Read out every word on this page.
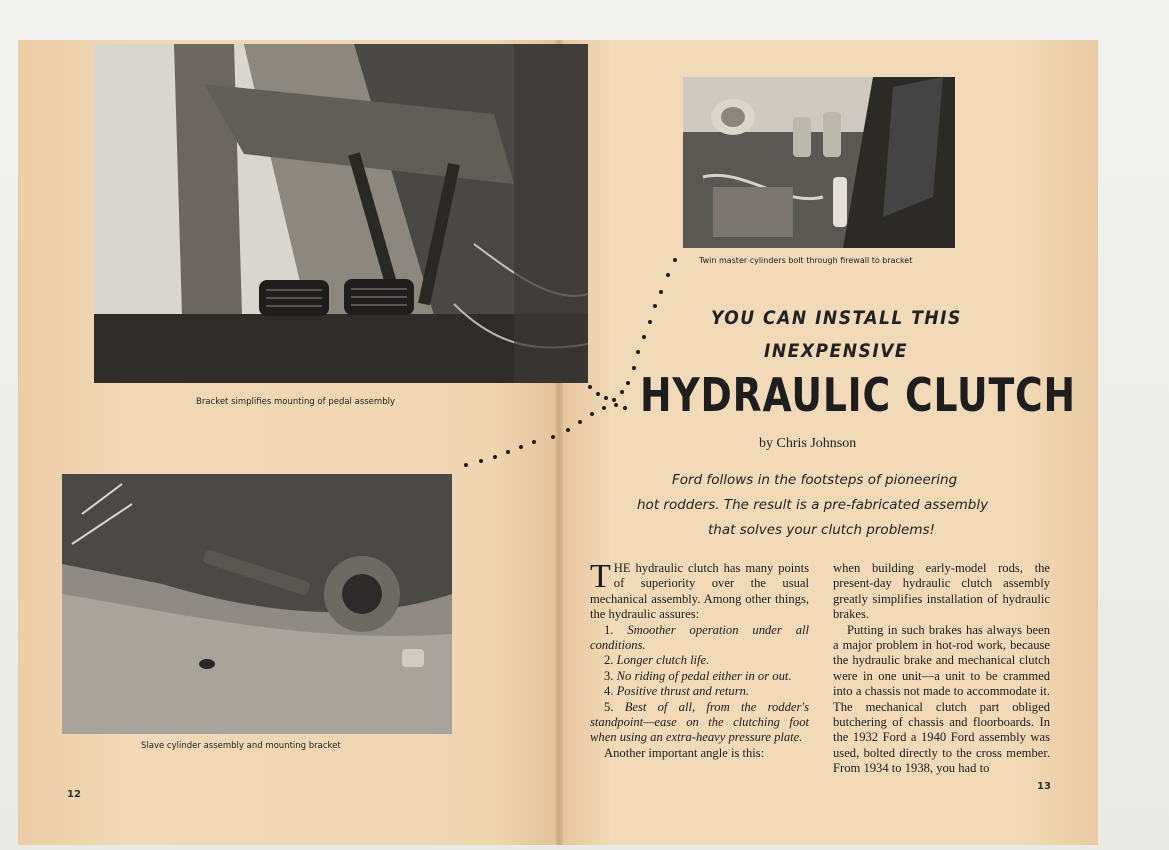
Bracket simplifies mounting of pedal assembly
Slave cylinder assembly and mounting bracket
12
Twin master cylinders bolt through firewall to bracket
YOU CAN INSTALL THIS
INEXPENSIVE
HYDRAULIC CLUTCH
by Chris Johnson
Ford follows in the footsteps of pioneering
hot rodders. The result is a pre-fabricated assembly
that solves your clutch problems!

THE hydraulic clutch has many points of superiority over the usual mechanical assembly. Among other things, the hydraulic assures:

1. Smoother operation under all conditions.

2. Longer clutch life.

3. No riding of pedal either in or out.

4. Positive thrust and return.

5. Best of all, from the rodder's standpoint—ease on the clutching foot when using an extra-heavy pressure plate.

Another important angle is this:

when building early-model rods, the present-day hydraulic clutch assembly greatly simplifies installation of hydraulic brakes.

Putting in such brakes has always been a major problem in hot-rod work, because the hydraulic brake and mechanical clutch were in one unit—a unit to be crammed into a chassis not made to accommodate it. The mechanical clutch part obliged butchering of chassis and floorboards. In the 1932 Ford a 1940 Ford assembly was used, bolted directly to the cross member. From 1934 to 1938, you had to

13
